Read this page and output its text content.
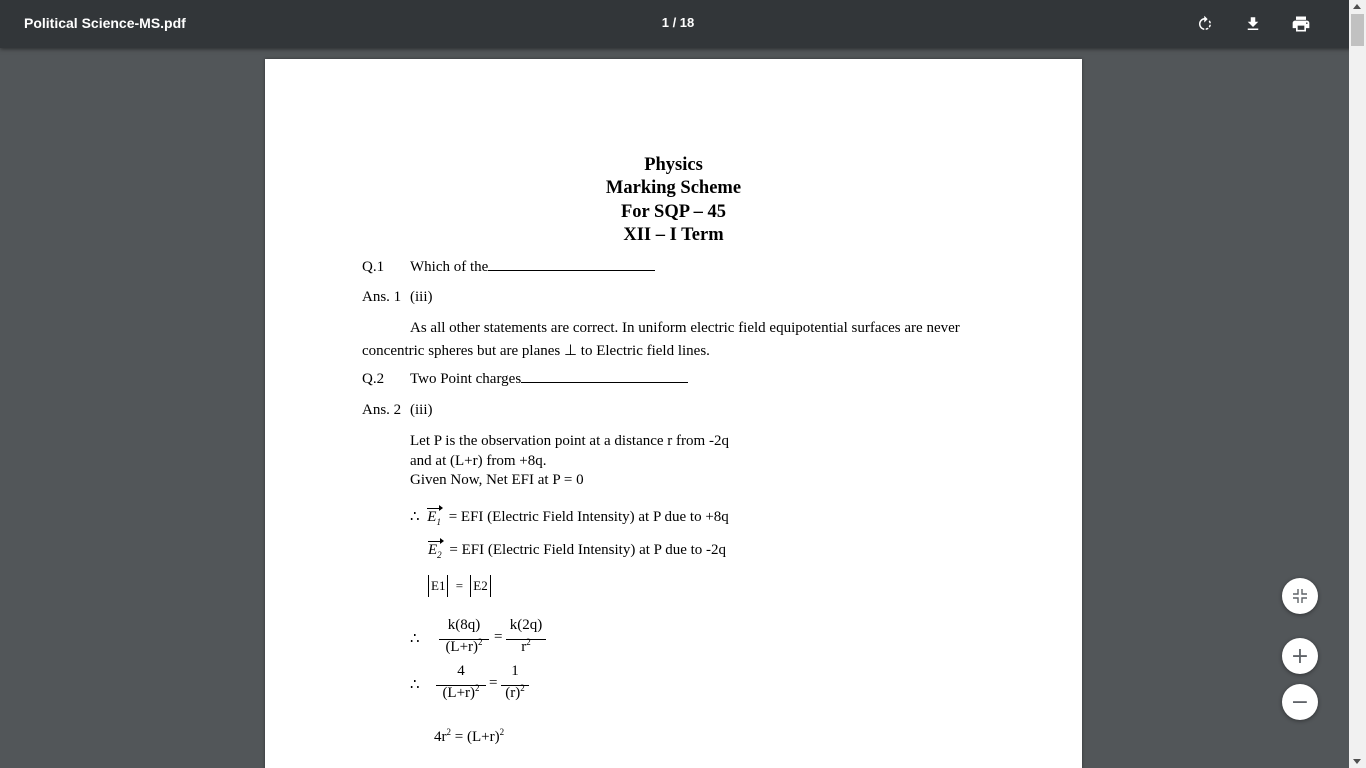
Political Science-MS.pdf	1 / 18
Physics
Marking Scheme
For SQP – 45
XII – I Term
Q.1 Which of the
Ans. 1 (iii)
As all other statements are correct. In uniform electric field equipotential surfaces are never
concentric spheres but are planes ⊥ to Electric field lines.
Q.2 Two Point charges
Ans. 2 (iii)
Let P is the observation point at a distance r from -2q
and at (L+r) from +8q.
Given Now, Net EFI at P = 0
∴ $E_1$ = EFI (Electric Field Intensity) at P due to +8q
$E_2$ = EFI (Electric Field Intensity) at P due to -2q
E1 = E2
∴
k(8q)
$(L+r)^2$ =
k(2q)
$r^2$
∴
4
$(L+r)^2$ =
1
$(r)^2$
$4r^2 = (L+r)^2$
+
−
